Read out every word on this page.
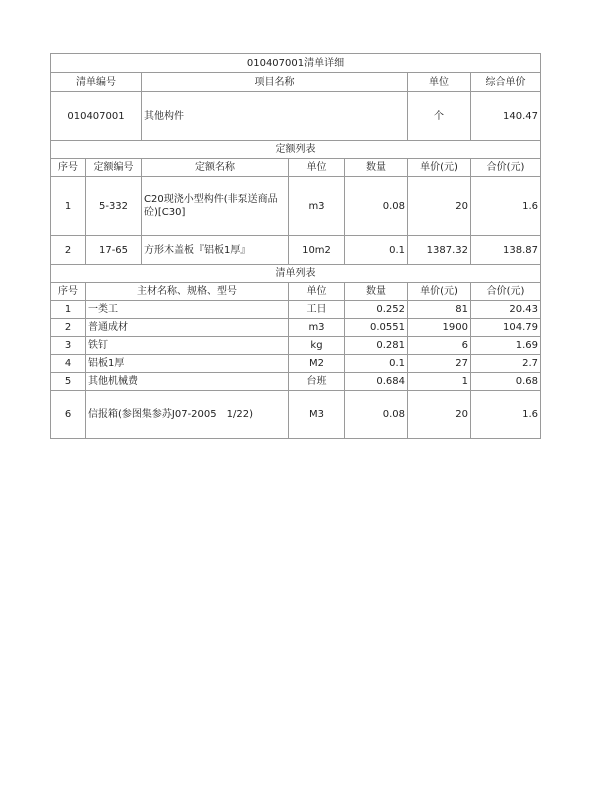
010407001清单详细						
清单编号		项目名称			单位	综合单价
010407001		其他构件			个	140.47
定额列表						
序号	定额编号	定额名称	单位	数量	单价(元)	合价(元)
1	5-332	C20现浇小型构件(非泵送商品砼)[C30]	m3	0.08	20	1.6
2	17-65	方形木盖板『铝板1厚』	10m2	0.1	1387.32	138.87
清单列表						
序号	主材名称、规格、型号		单位	数量	单价(元)	合价(元)
1	一类工		工日	0.252	81	20.43
2	普通成材		m3	0.0551	1900	104.79
3	铁钉		kg	0.281	6	1.69
4	铝板1厚		M2	0.1	27	2.7
5	其他机械费		台班	0.684	1	0.68
6	信报箱(参图集参苏J07-2005　1/22)		M3	0.08	20	1.6
